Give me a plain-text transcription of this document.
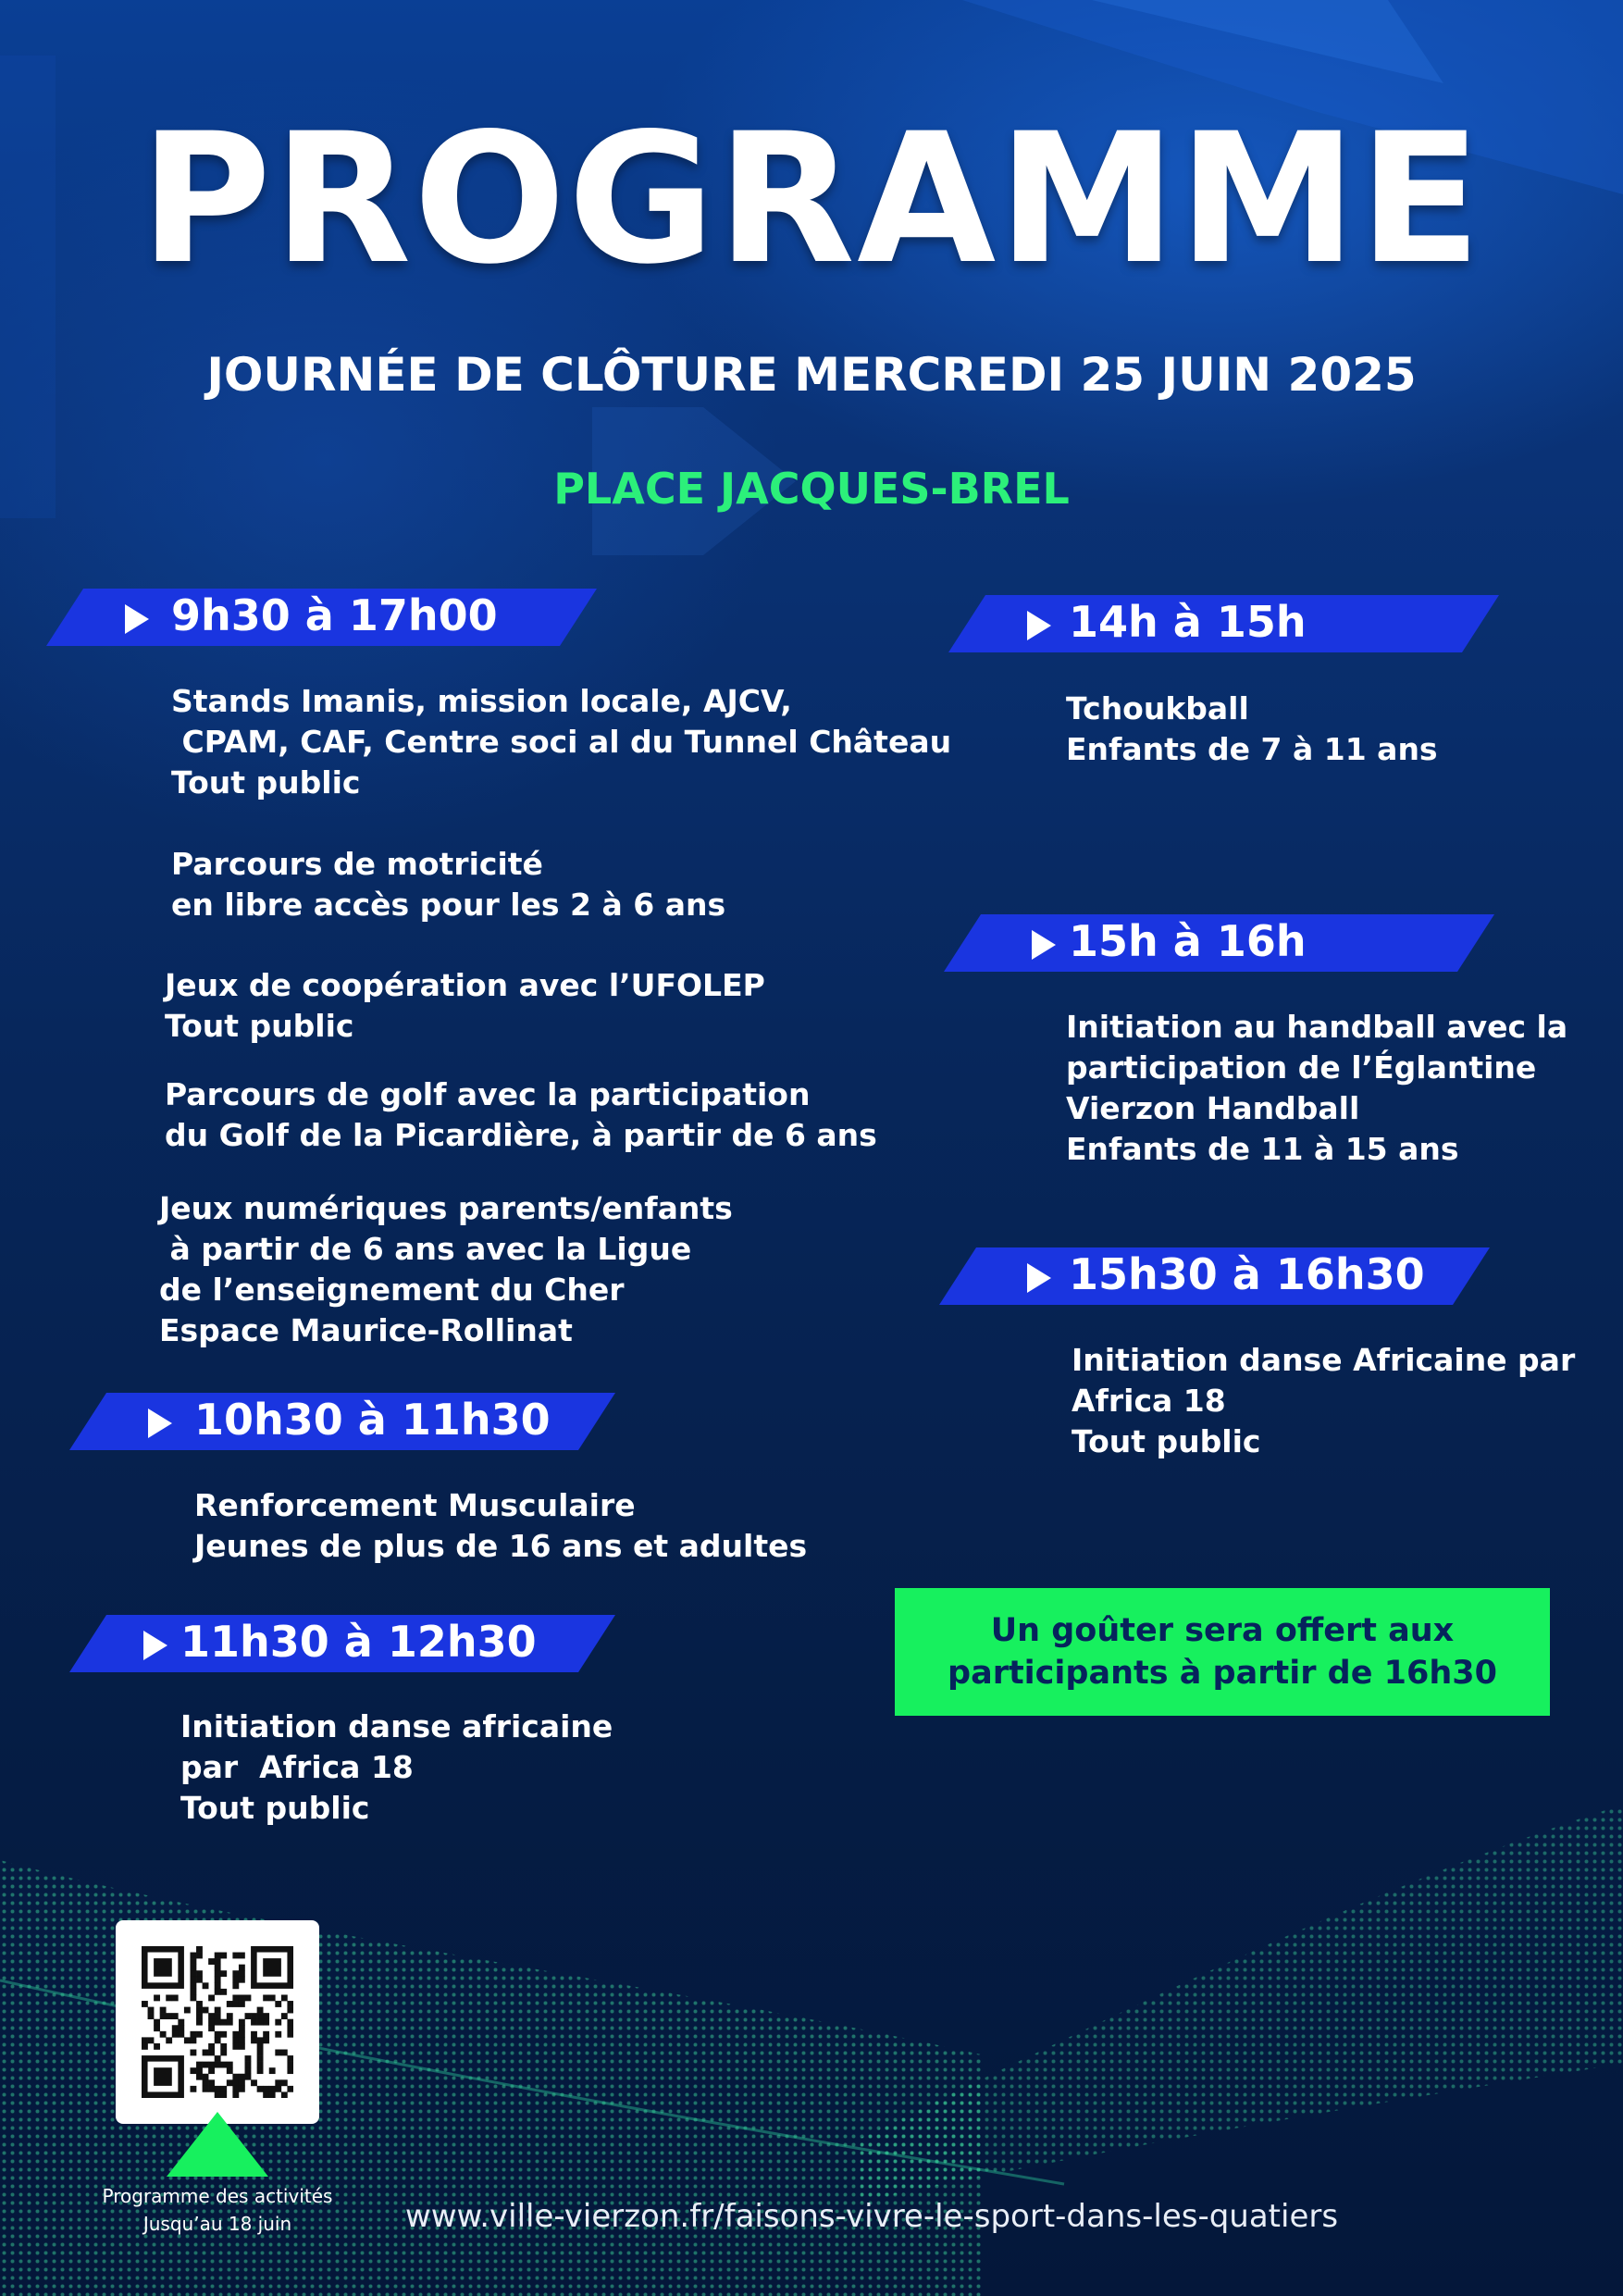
PROGRAMME
JOURNÉE DE CLÔTURE MERCREDI 25 JUIN 2025
PLACE JACQUES-BREL
9h30 à 17h00
Stands Imanis, mission locale, AJCV,
CPAM, CAF, Centre soci al du Tunnel Château
Tout public
Parcours de motricité
en libre accès pour les 2 à 6 ans
Jeux de coopération avec l’UFOLEP
Tout public
Parcours de golf avec la participation
du Golf de la Picardière, à partir de 6 ans
Jeux numériques parents/enfants
à partir de 6 ans avec la Ligue
de l’enseignement du Cher
Espace Maurice-Rollinat
10h30 à 11h30
Renforcement Musculaire
Jeunes de plus de 16 ans et adultes
11h30 à 12h30
Initiation danse africaine
par  Africa 18
Tout public
14h à 15h
Tchoukball
Enfants de 7 à 11 ans
15h à 16h
Initiation au handball avec la
participation de l’Églantine
Vierzon Handball
Enfants de 11 à 15 ans
15h30 à 16h30
Initiation danse Africaine par
Africa 18
Tout public
Un goûter sera offert aux
participants à partir de 16h30
Programme des activités
Jusqu’au 18 juin	www.ville-vierzon.fr/faisons-vivre-le-sport-dans-les-quatiers
